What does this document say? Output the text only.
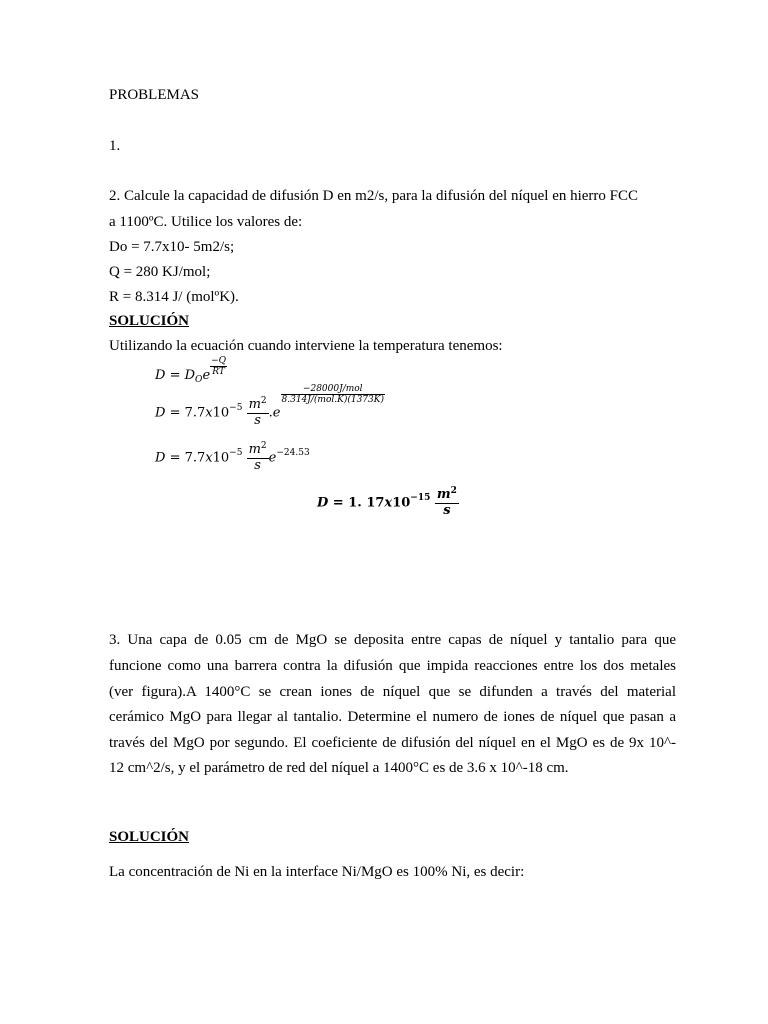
PROBLEMAS
1.
2. Calcule la capacidad de difusión D en m2/s, para la difusión del níquel en hierro FCC
a 1100ºC. Utilice los valores de:
Do = 7.7x10- 5m2/s;
Q = 280 KJ/mol;
R = 8.314 J/ (molºK).
SOLUCIÓN
Utilizando la ecuación cuando interviene la temperatura tenemos:
$D = D_Oe \frac{-Q}{RT}$
$D = 7.7x10^{-5} \frac{m^2}{s} .e$
$\frac{\text{−28000J/mol}}{\text{8.314J/(mol.K)(1373K)}}$
$D = 7.7x10^{-5} \frac{m^2}{s} e^{-24.53}$
D = 1. $17x10^{-15} \frac{m^2}{s}$
3. Una capa de 0.05 cm de MgO se deposita entre capas de níquel y tantalio para que
funcione como una barrera contra la difusión que impida reacciones entre los dos metales
(ver figura).A 1400°C se crean iones de níquel que se difunden a través del material
cerámico MgO para llegar al tantalio. Determine el numero de iones de níquel que pasan a
través del MgO por segundo. El coeficiente de difusión del níquel en el MgO es de 9x 10^-
12 cm^2/s, y el parámetro de red del níquel a 1400°C es de 3.6 x 10^-18 cm.
SOLUCIÓN
La concentración de Ni en la interface Ni/MgO es 100% Ni, es decir:
